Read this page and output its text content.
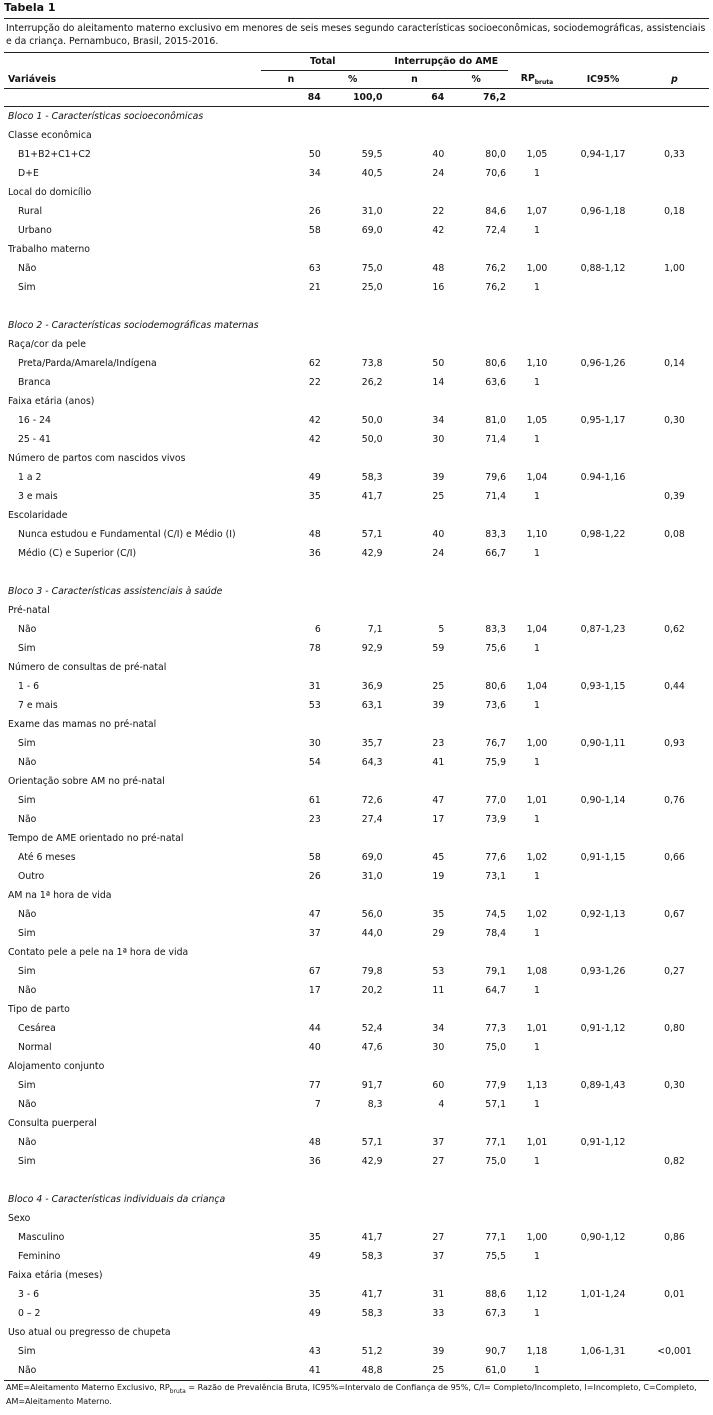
Tabela 1
Interrupção do aleitamento materno exclusivo em menores de seis meses segundo características socioeconômicas, sociodemográficas, assistenciais e da criança. Pernambuco, Brasil, 2015-2016.
	Total		Interrupção do AME				
Variáveis	n	%	n	%	$RP_{bruta}$	IC95%	p
	84	100,0	64	76,2			
Bloco 1 - Características socioeconômicas							
Classe econômica							
B1+B2+C1+C2	50	59,5	40	80,0	1,05	0,94-1,17	0,33
D+E	34	40,5	24	70,6	1		
Local do domicílio							
Rural	26	31,0	22	84,6	1,07	0,96-1,18	0,18
Urbano	58	69,0	42	72,4	1		
Trabalho materno							
Não	63	75,0	48	76,2	1,00	0,88-1,12	1,00
Sim	21	25,0	16	76,2	1		

Bloco 2 - Características sociodemográficas maternas							
Raça/cor da pele							
Preta/Parda/Amarela/Indígena	62	73,8	50	80,6	1,10	0,96-1,26	0,14
Branca	22	26,2	14	63,6	1		
Faixa etária (anos)							
16 - 24	42	50,0	34	81,0	1,05	0,95-1,17	0,30
25 - 41	42	50,0	30	71,4	1		
Número de partos com nascidos vivos							
1 a 2	49	58,3	39	79,6	1,04	0.94-1,16	
3 e mais	35	41,7	25	71,4	1		0,39
Escolaridade							
Nunca estudou e Fundamental (C/I) e Médio (I)	48	57,1	40	83,3	1,10	0,98-1,22	0,08
Médio (C) e Superior (C/I)	36	42,9	24	66,7	1		

Bloco 3 - Características assistenciais à saúde							
Pré-natal							
Não	6	7,1	5	83,3	1,04	0,87-1,23	0,62
Sim	78	92,9	59	75,6	1		
Número de consultas de pré-natal							
1 - 6	31	36,9	25	80,6	1,04	0,93-1,15	0,44
7 e mais	53	63,1	39	73,6	1		
Exame das mamas no pré-natal							
Sim	30	35,7	23	76,7	1,00	0,90-1,11	0,93
Não	54	64,3	41	75,9	1		
Orientação sobre AM no pré-natal							
Sim	61	72,6	47	77,0	1,01	0,90-1,14	0,76
Não	23	27,4	17	73,9	1		
Tempo de AME orientado no pré-natal							
Até 6 meses	58	69,0	45	77,6	1,02	0,91-1,15	0,66
Outro	26	31,0	19	73,1	1		
AM na 1ª hora de vida							
Não	47	56,0	35	74,5	1,02	0,92-1,13	0,67
Sim	37	44,0	29	78,4	1		
Contato pele a pele na 1ª hora de vida							
Sim	67	79,8	53	79,1	1,08	0,93-1,26	0,27
Não	17	20,2	11	64,7	1		
Tipo de parto							
Cesárea	44	52,4	34	77,3	1,01	0,91-1,12	0,80
Normal	40	47,6	30	75,0	1		
Alojamento conjunto							
Sim	77	91,7	60	77,9	1,13	0,89-1,43	0,30
Não	7	8,3	4	57,1	1		
Consulta puerperal							
Não	48	57,1	37	77,1	1,01	0,91-1,12	
Sim	36	42,9	27	75,0	1		0,82

Bloco 4 - Características individuais da criança							
Sexo							
Masculino	35	41,7	27	77,1	1,00	0,90-1,12	0,86
Feminino	49	58,3	37	75,5	1		
Faixa etária (meses)							
3 - 6	35	41,7	31	88,6	1,12	1,01-1,24	0,01
0 – 2	49	58,3	33	67,3	1		
Uso atual ou pregresso de chupeta							
Sim	43	51,2	39	90,7	1,18	1,06-1,31	<0,001
Não	41	48,8	25	61,0	1		
AME=Aleitamento Materno Exclusivo, $RP_{bruta}$ = Razão de Prevalência Bruta, IC95%=Intervalo de Confiança de 95%, C/I= Completo/Incompleto, I=Incompleto, C=Completo, AM=Aleitamento Materno.
